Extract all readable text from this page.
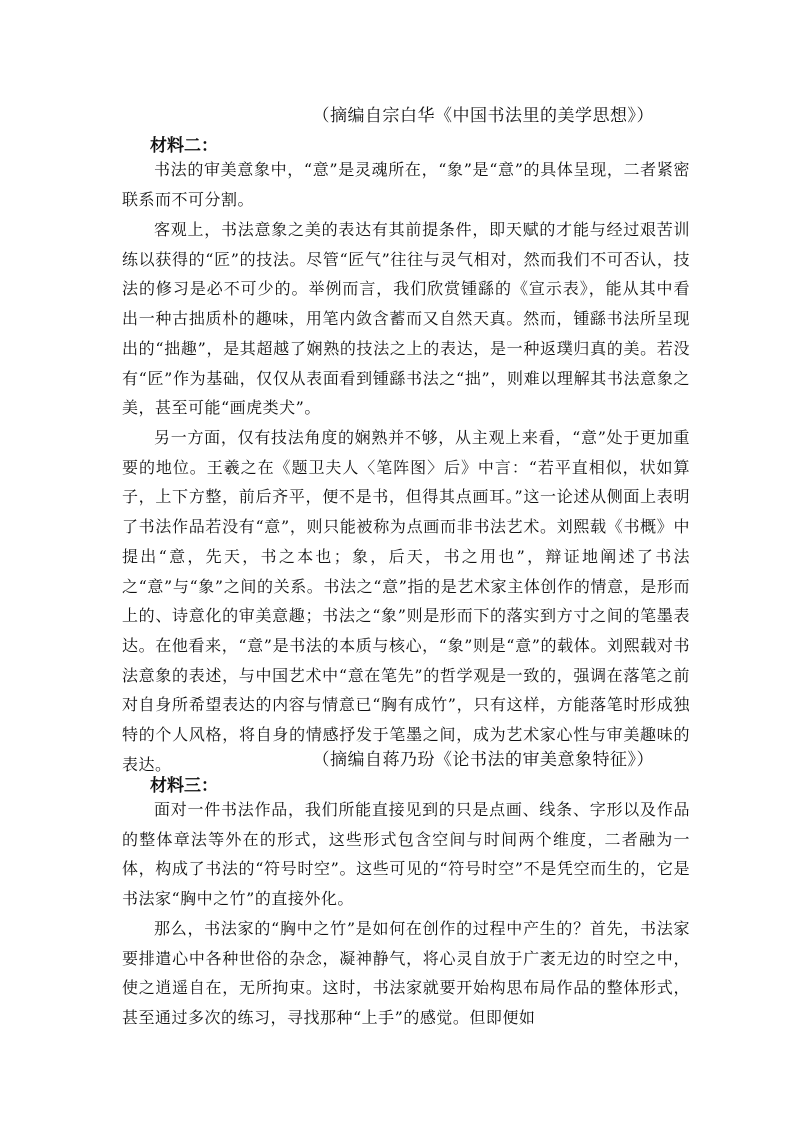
（摘编自宗白华《中国书法里的美学思想》）
材料二：

书法的审美意象中，“意”是灵魂所在，“象”是“意”的具体呈现，二者紧密联系而不可分割。

客观上，书法意象之美的表达有其前提条件，即天赋的才能与经过艰苦训练以获得的“匠”的技法。尽管“匠气”往往与灵气相对，然而我们不可否认，技法的修习是必不可少的。举例而言，我们欣赏锺繇的《宣示表》，能从其中看出一种古拙质朴的趣味，用笔内敛含蓄而又自然天真。然而，锺繇书法所呈现出的“拙趣”，是其超越了娴熟的技法之上的表达，是一种返璞归真的美。若没有“匠”作为基础，仅仅从表面看到锺繇书法之“拙”，则难以理解其书法意象之美，甚至可能“画虎类犬”。

另一方面，仅有技法角度的娴熟并不够，从主观上来看，“意”处于更加重要的地位。王羲之在《题卫夫人〈笔阵图〉后》中言：“若平直相似，状如算子，上下方整，前后齐平，便不是书，但得其点画耳。”这一论述从侧面上表明了书法作品若没有“意”，则只能被称为点画而非书法艺术。刘熙载《书概》中提出“意，先天，书之本也；象，后天，书之用也”，辩证地阐述了书法之“意”与“象”之间的关系。书法之“意”指的是艺术家主体创作的情意，是形而上的、诗意化的审美意趣；书法之“象”则是形而下的落实到方寸之间的笔墨表达。在他看来，“意”是书法的本质与核心，“象”则是“意”的载体。刘熙载对书法意象的表述，与中国艺术中“意在笔先”的哲学观是一致的，强调在落笔之前对自身所希望表达的内容与情意已“胸有成竹”，只有这样，方能落笔时形成独特的个人风格，将自身的情感抒发于笔墨之间，成为艺术家心性与审美趣味的表达。	（摘编自蒋乃玢《论书法的审美意象特征》）
材料三：

面对一件书法作品，我们所能直接见到的只是点画、线条、字形以及作品的整体章法等外在的形式，这些形式包含空间与时间两个维度，二者融为一体，构成了书法的“符号时空”。这些可见的“符号时空”不是凭空而生的，它是书法家“胸中之竹”的直接外化。

那么，书法家的“胸中之竹”是如何在创作的过程中产生的？首先，书法家要排遣心中各种世俗的杂念，凝神静气，将心灵自放于广袤无边的时空之中，使之逍遥自在，无所拘束。这时，书法家就要开始构思布局作品的整体形式，甚至通过多次的练习，寻找那种“上手”的感觉。但即便如
